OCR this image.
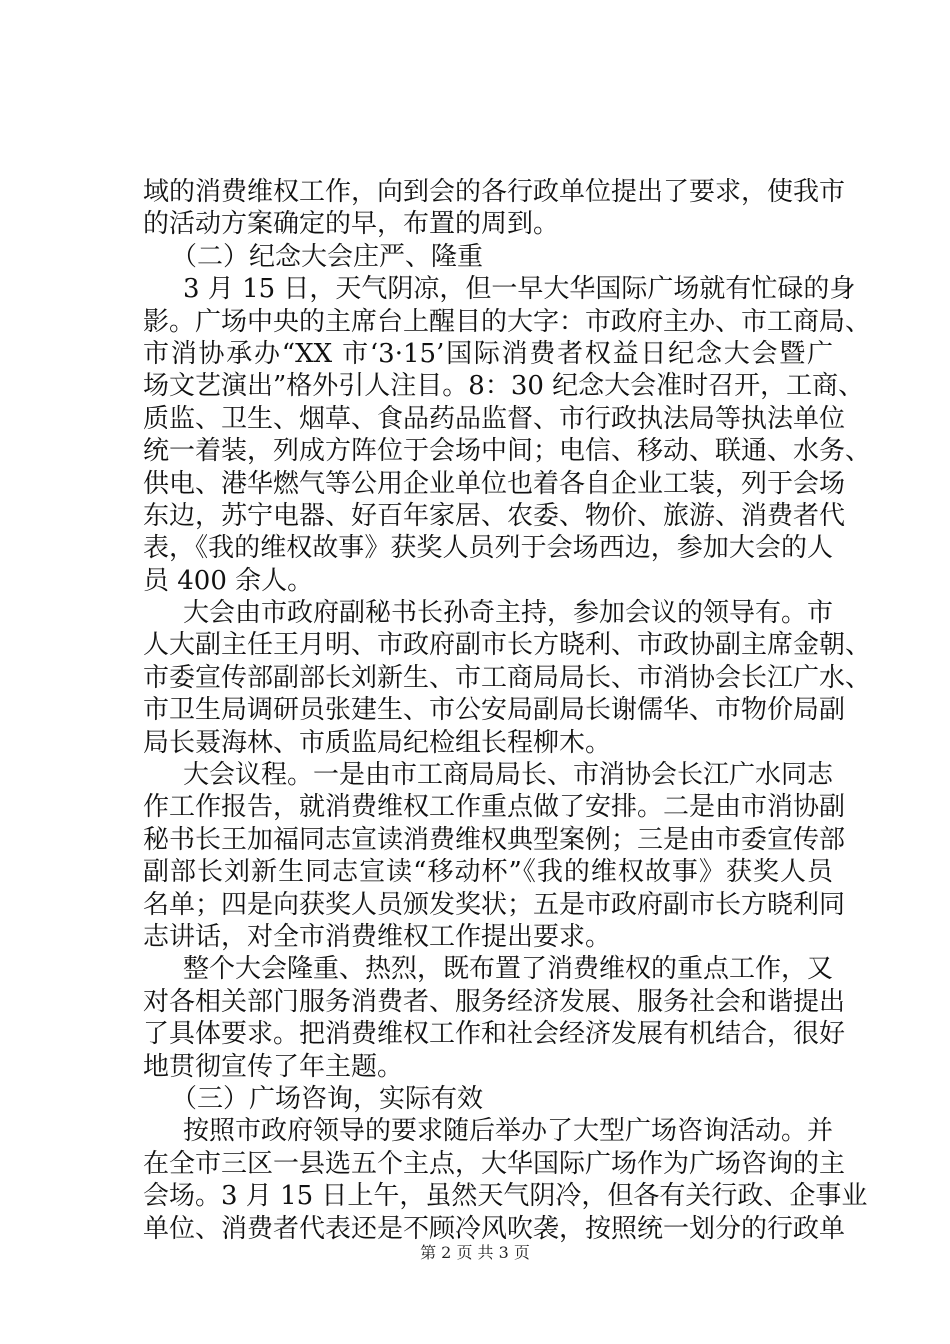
域的消费维权工作，向到会的各行政单位提出了要求，使我市
的活动方案确定的早，布置的周到。
（二）纪念大会庄严、隆重
3 月 15 日，天气阴凉，但一早大华国际广场就有忙碌的身
影。广场中央的主席台上醒目的大字：市政府主办、市工商局、
市消协承办“XX 市‘3·15’国际消费者权益日纪念大会暨广
场文艺演出”格外引人注目。8：30 纪念大会准时召开，工商、
质监、卫生、烟草、食品药品监督、市行政执法局等执法单位
统一着装，列成方阵位于会场中间；电信、移动、联通、水务、
供电、港华燃气等公用企业单位也着各自企业工装，列于会场
东边，苏宁电器、好百年家居、农委、物价、旅游、消费者代
表，《我的维权故事》获奖人员列于会场西边，参加大会的人
员 400 余人。
大会由市政府副秘书长孙奇主持，参加会议的领导有。市
人大副主任王月明、市政府副市长方晓利、市政协副主席金朝、
市委宣传部副部长刘新生、市工商局局长、市消协会长江广水、
市卫生局调研员张建生、市公安局副局长谢儒华、市物价局副
局长聂海林、市质监局纪检组长程柳木。
大会议程。一是由市工商局局长、市消协会长江广水同志
作工作报告，就消费维权工作重点做了安排。二是由市消协副
秘书长王加福同志宣读消费维权典型案例；三是由市委宣传部
副部长刘新生同志宣读“移动杯”《我的维权故事》获奖人员
名单；四是向获奖人员颁发奖状；五是市政府副市长方晓利同
志讲话，对全市消费维权工作提出要求。
整个大会隆重、热烈，既布置了消费维权的重点工作，又
对各相关部门服务消费者、服务经济发展、服务社会和谐提出
了具体要求。把消费维权工作和社会经济发展有机结合，很好
地贯彻宣传了年主题。
（三）广场咨询，实际有效
按照市政府领导的要求随后举办了大型广场咨询活动。并
在全市三区一县选五个主点，大华国际广场作为广场咨询的主
会场。3 月 15 日上午，虽然天气阴冷，但各有关行政、企事业
单位、消费者代表还是不顾冷风吹袭，按照统一划分的行政单
第 2 页 共 3 页
